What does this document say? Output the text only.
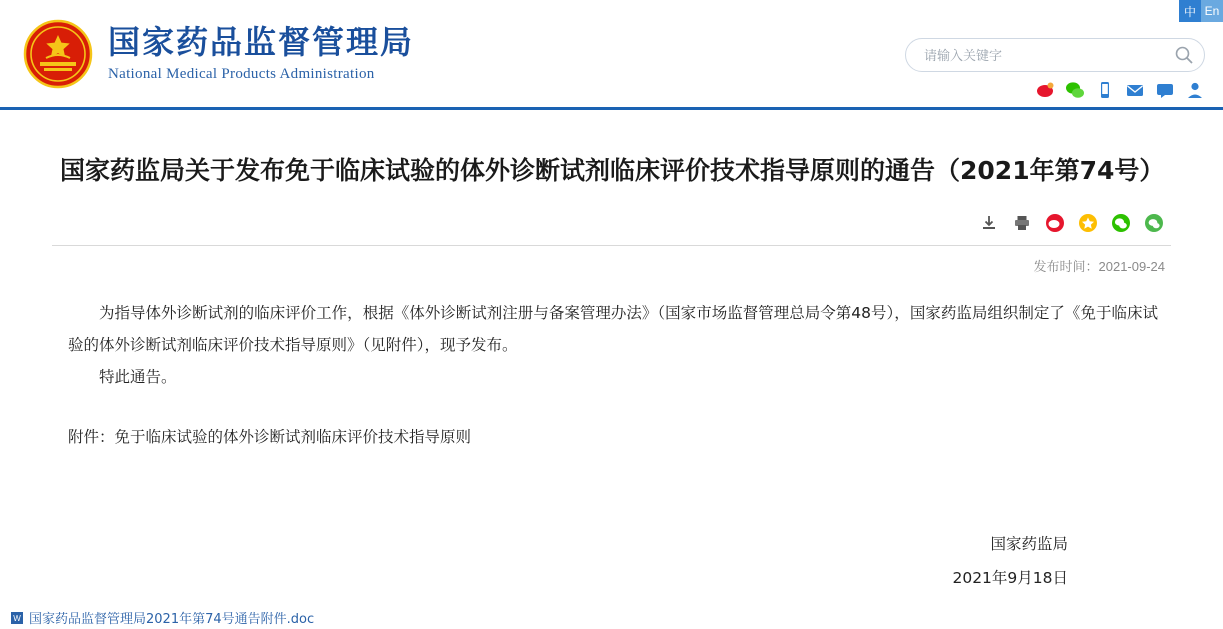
中 En
国家药品监督管理局
National Medical Products Administration
请输入关键字
国家药监局关于发布免于临床试验的体外诊断试剂临床评价技术指导原则的通告（2021年第74号）
发布时间：2021-09-24

为指导体外诊断试剂的临床评价工作，根据《体外诊断试剂注册与备案管理办法》（国家市场监督管理总局令第48号），国家药监局组织制定了《免于临床试验的体外诊断试剂临床评价技术指导原则》（见附件），现予发布。

特此通告。

附件：免于临床试验的体外诊断试剂临床评价技术指导原则

国家药监局
2021年9月18日
W 国家药品监督管理局2021年第74号通告附件.doc
